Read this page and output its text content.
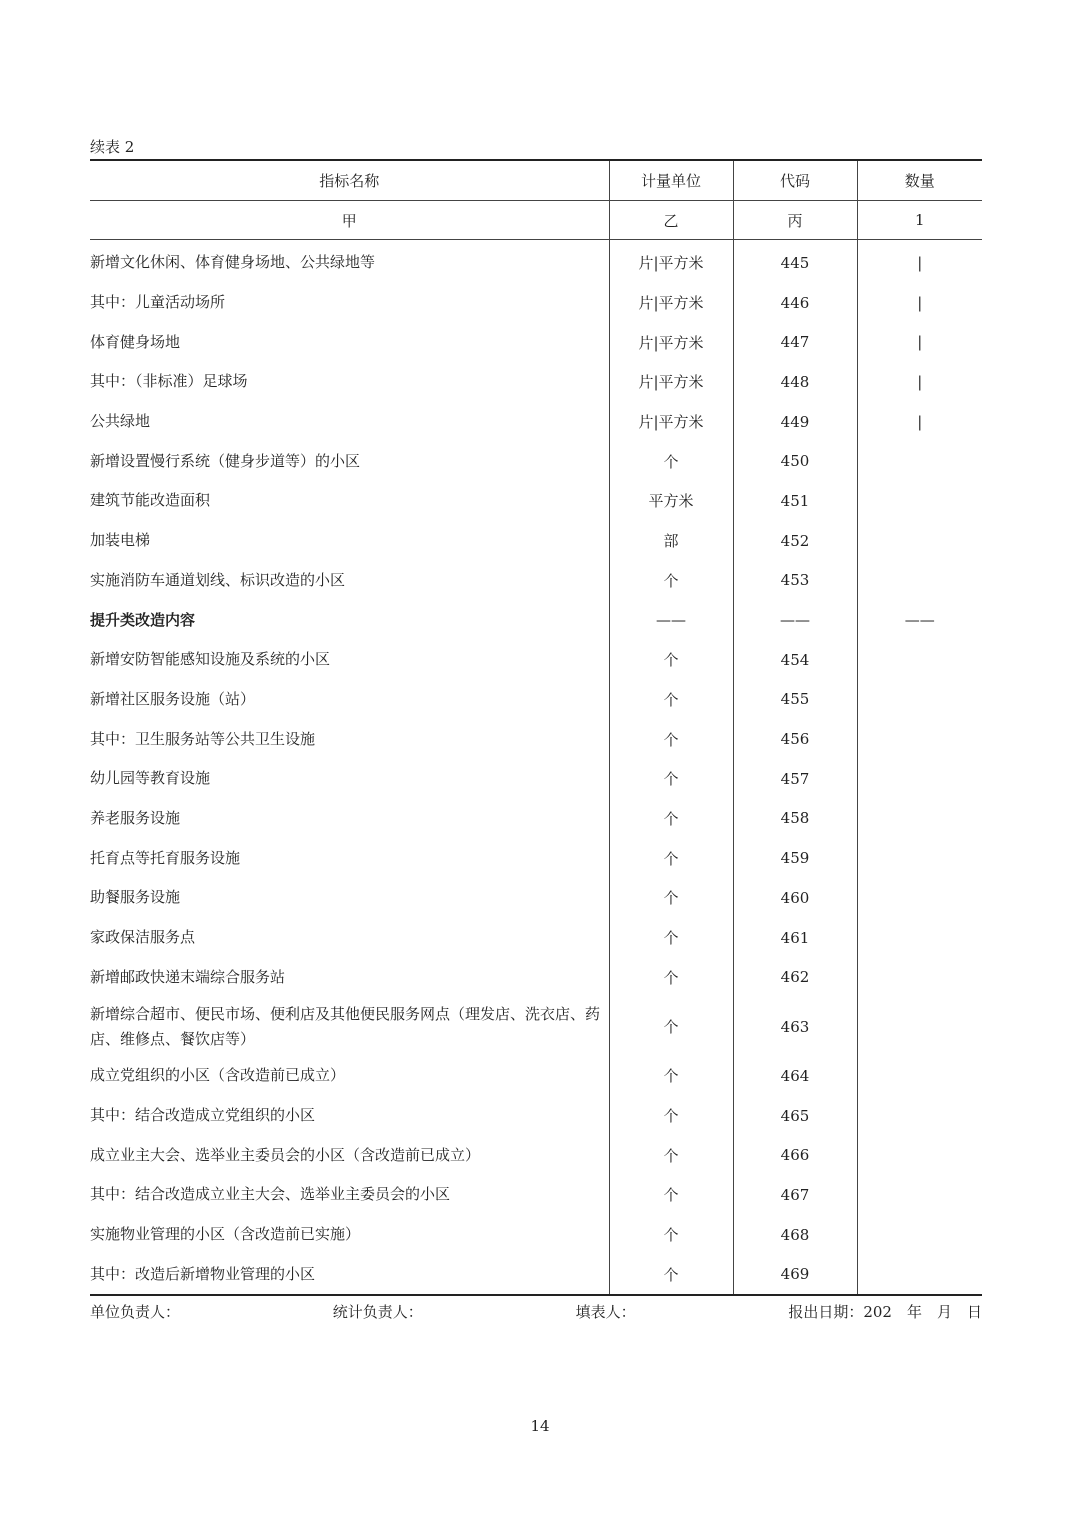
续表 2
指标名称	计量单位	代码	数量
甲	乙	丙	1
新增文化休闲、体育健身场地、公共绿地等	片|平方米	445	|
其中：儿童活动场所	片|平方米	446	|
体育健身场地	片|平方米	447	|
其中：（非标准）足球场	片|平方米	448	|
公共绿地	片|平方米	449	|
新增设置慢行系统（健身步道等）的小区	个	450	
建筑节能改造面积	平方米	451	
加装电梯	部	452	
实施消防车通道划线、标识改造的小区	个	453	
提升类改造内容	——	——	——
新增安防智能感知设施及系统的小区	个	454	
新增社区服务设施（站）	个	455	
其中：卫生服务站等公共卫生设施	个	456	
幼儿园等教育设施	个	457	
养老服务设施	个	458	
托育点等托育服务设施	个	459	
助餐服务设施	个	460	
家政保洁服务点	个	461	
新增邮政快递末端综合服务站	个	462	
新增综合超市、便民市场、便利店及其他便民服务网点（理发店、洗衣店、药店、维修点、餐饮店等）	个	463	
成立党组织的小区（含改造前已成立）	个	464	
其中：结合改造成立党组织的小区	个	465	
成立业主大会、选举业主委员会的小区（含改造前已成立）	个	466	
其中：结合改造成立业主大会、选举业主委员会的小区	个	467	
实施物业管理的小区（含改造前已实施）	个	468	
其中：改造后新增物业管理的小区	个	469	
单位负责人：	统计负责人：	填表人：	报出日期：202　年　月　日
14
